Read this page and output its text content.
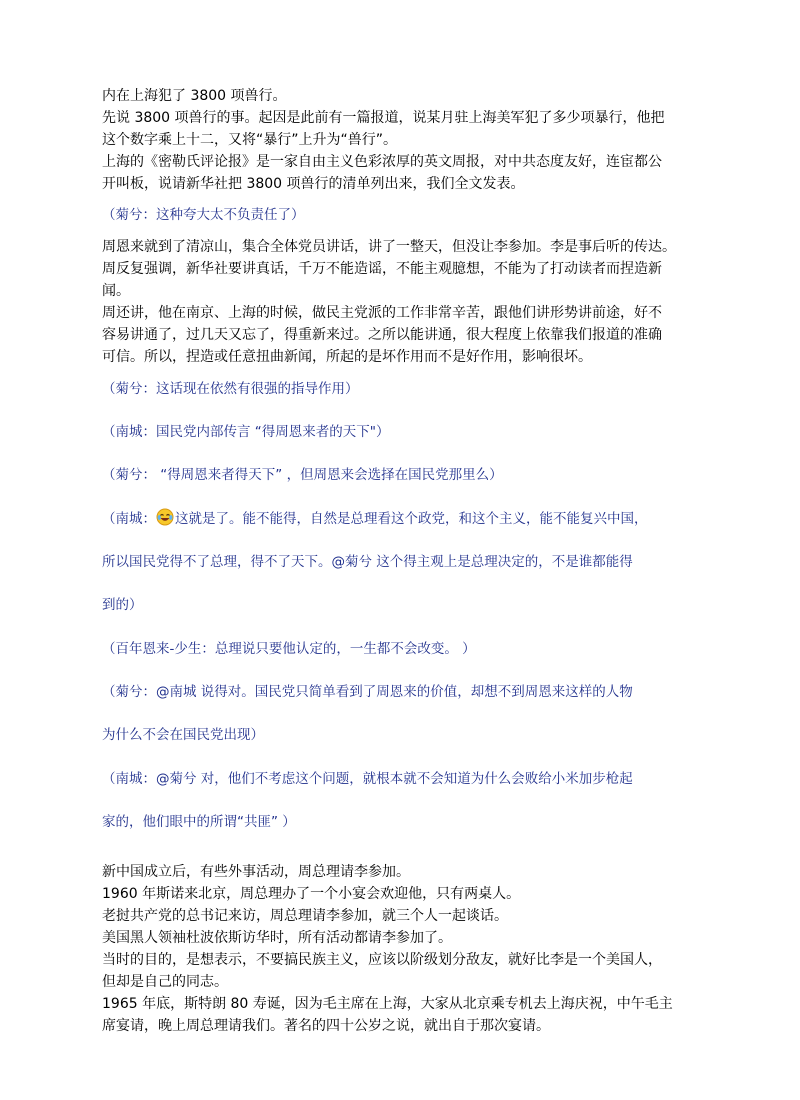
内在上海犯了 3800 项兽行。

先说 3800 项兽行的事。起因是此前有一篇报道，说某月驻上海美军犯了多少项暴行，他把

这个数字乘上十二，又将“暴行”上升为“兽行”。

上海的《密勒氏评论报》是一家自由主义色彩浓厚的英文周报，对中共态度友好，连宦都公

开叫板，说请新华社把 3800 项兽行的清单列出来，我们全文发表。

（菊兮：这种夸大太不负责任了）

周恩来就到了清凉山，集合全体党员讲话，讲了一整天，但没让李参加。李是事后听的传达。

周反复强调，新华社要讲真话，千万不能造谣，不能主观臆想，不能为了打动读者而捏造新

闻。

周还讲，他在南京、上海的时候，做民主党派的工作非常辛苦，跟他们讲形势讲前途，好不

容易讲通了，过几天又忘了，得重新来过。之所以能讲通，很大程度上依靠我们报道的准确

可信。所以，捏造或任意扭曲新闻，所起的是坏作用而不是好作用，影响很坏。

（菊兮：这话现在依然有很强的指导作用）
（南城：国民党内部传言 “得周恩来者的天下"）
（菊兮： “得周恩来者得天下” ，但周恩来会选择在国民党那里么）
（南城： 这就是了。能不能得，自然是总理看这个政党，和这个主义，能不能复兴中国，
所以国民党得不了总理，得不了天下。@菊兮 这个得主观上是总理决定的，不是谁都能得
到的）
（百年恩来-少生：总理说只要他认定的，一生都不会改变。 ）
（菊兮：@南城 说得对。国民党只简单看到了周恩来的价值，却想不到周恩来这样的人物
为什么不会在国民党出现）
（南城：@菊兮 对，他们不考虑这个问题，就根本就不会知道为什么会败给小米加步枪起
家的，他们眼中的所谓“共匪” ）

新中国成立后，有些外事活动，周总理请李参加。

1960 年斯诺来北京，周总理办了一个小宴会欢迎他，只有两桌人。

老挝共产党的总书记来访，周总理请李参加，就三个人一起谈话。

美国黑人领袖杜波依斯访华时，所有活动都请李参加了。

当时的目的，是想表示，不要搞民族主义，应该以阶级划分敌友，就好比李是一个美国人，

但却是自己的同志。

1965 年底，斯特朗 80 寿诞，因为毛主席在上海，大家从北京乘专机去上海庆祝，中午毛主

席宴请，晚上周总理请我们。著名的四十公岁之说，就出自于那次宴请。
